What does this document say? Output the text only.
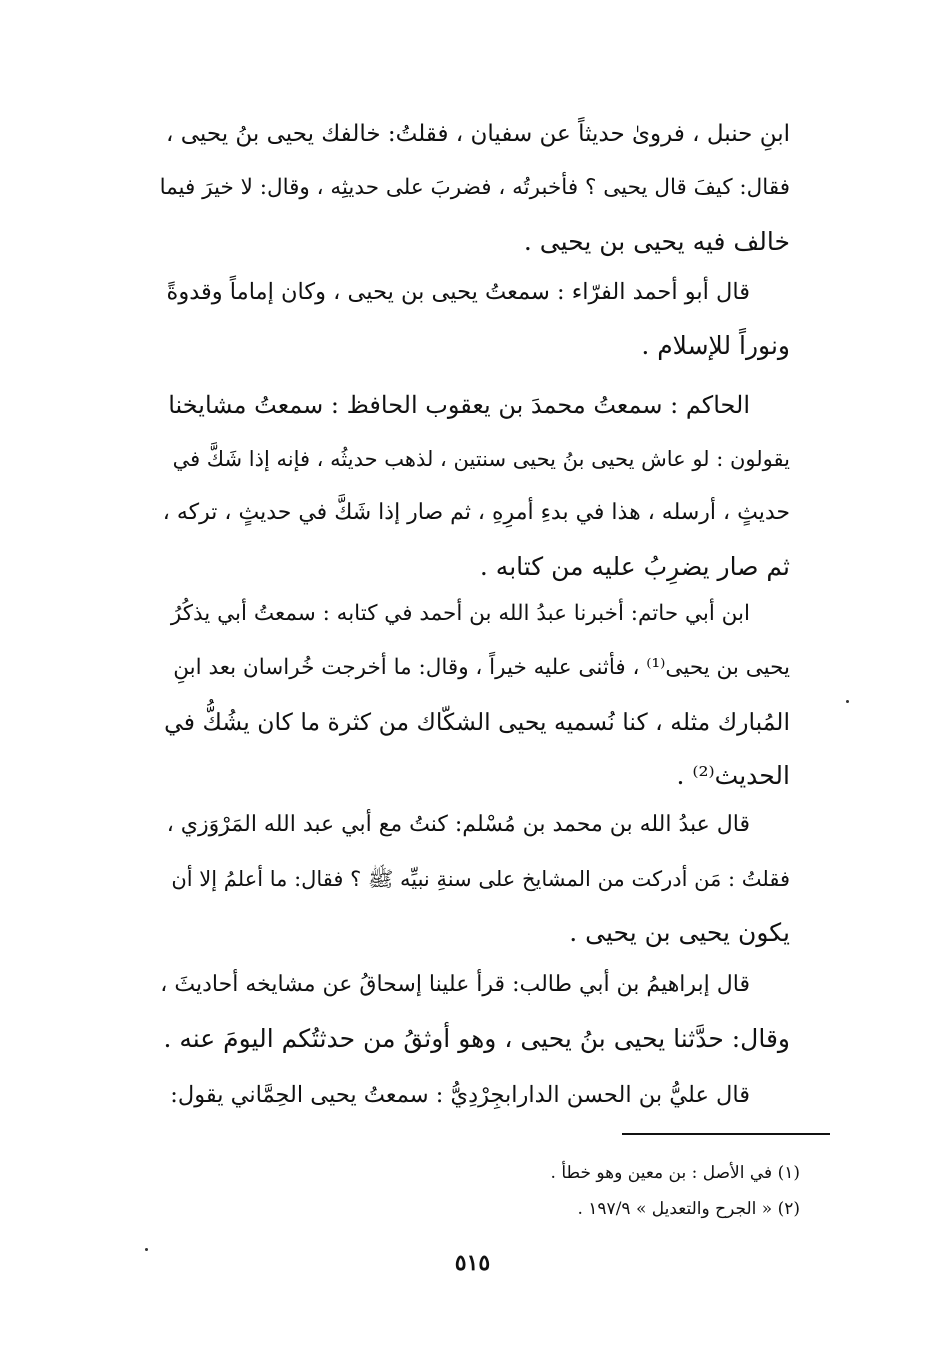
ابنِ حنبل ، فروىٰ حديثاً عن سفيان ، فقلتُ: خالفك يحيى بنُ يحيى ،
فقال: كيفَ قال يحيى ؟ فأخبرتُه ، فضربَ على حديثِه ، وقال: لا خيرَ فيما
خالف فيه يحيى بن يحيى .
قال أبو أحمد الفرّاء : سمعتُ يحيى بن يحيى ، وكان إماماً وقدوةً
ونوراً للإسلام .
الحاكم : سمعتُ محمدَ بن يعقوب الحافظ : سمعتُ مشايخنا
يقولون : لو عاش يحيى بنُ يحيى سنتين ، لذهب حديثُه ، فإنه إذا شَكَّ في
حديثٍ ، أرسله ، هذا في بدءِ أمرِهِ ، ثم صار إذا شَكَّ في حديثٍ ، تركه ،
ثم صار يضرِبُ عليه من كتابه .
ابن أبي حاتم: أخبرنا عبدُ الله بن أحمد في كتابه : سمعتُ أبي يذكُرُ
يحيى بن يحيى⁽¹⁾ ، فأثنى عليه خيراً ، وقال: ما أخرجت خُراسان بعد ابنِ
المُبارك مثله ، كنا نُسميه يحيى الشكّاك من كثرة ما كان يشُكُّ في
الحديث⁽²⁾ .
قال عبدُ الله بن محمد بن مُسْلم: كنتُ مع أبي عبد الله المَرْوَزي ،
فقلتُ : مَن أدركت من المشايخ على سنةِ نبيِّه ﷺ ؟ فقال: ما أعلمُ إلا أن
يكون يحيى بن يحيى .
قال إبراهيمُ بن أبي طالب: قرأ علينا إسحاقُ عن مشايخه أحاديثَ ،
وقال: حدَّثنا يحيى بنُ يحيى ، وهو أوثقُ من حدثتُكم اليومَ عنه .
قال عليُّ بن الحسن الدارابجِرْدِيُّ : سمعتُ يحيى الحِمَّاني يقول:
(١) في الأصل : بن معين وهو خطأ .
(٢) « الجرح والتعديل » ١٩٧/٩ .
٥١٥
